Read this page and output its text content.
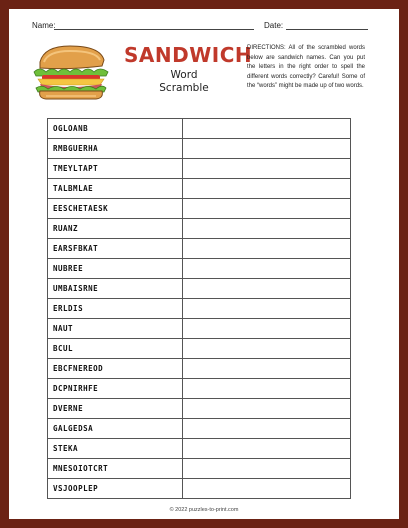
Name:	Date:
SANDWICH
Word
Scramble
DIRECTIONS: All of the scrambled words below are sandwich names. Can you put the letters in the right order to spell the different words correctly? Careful! Some of the “words” might be made up of two words.
OGLOANB	
RMBGUERHA	
TMEYLTAPT	
TALBMLAE	
EESCHETAESK	
RUANZ	
EARSFBKAT	
NUBREE	
UMBAISRNE	
ERLDIS	
NAUT	
BCUL	
EBCFNEREOD	
DCPNIRHFE	
DVERNE	
GALGEDSA	
STEKA	
MNESOIOTCRT	
VSJOOPLEP	
© 2022 puzzles-to-print.com
